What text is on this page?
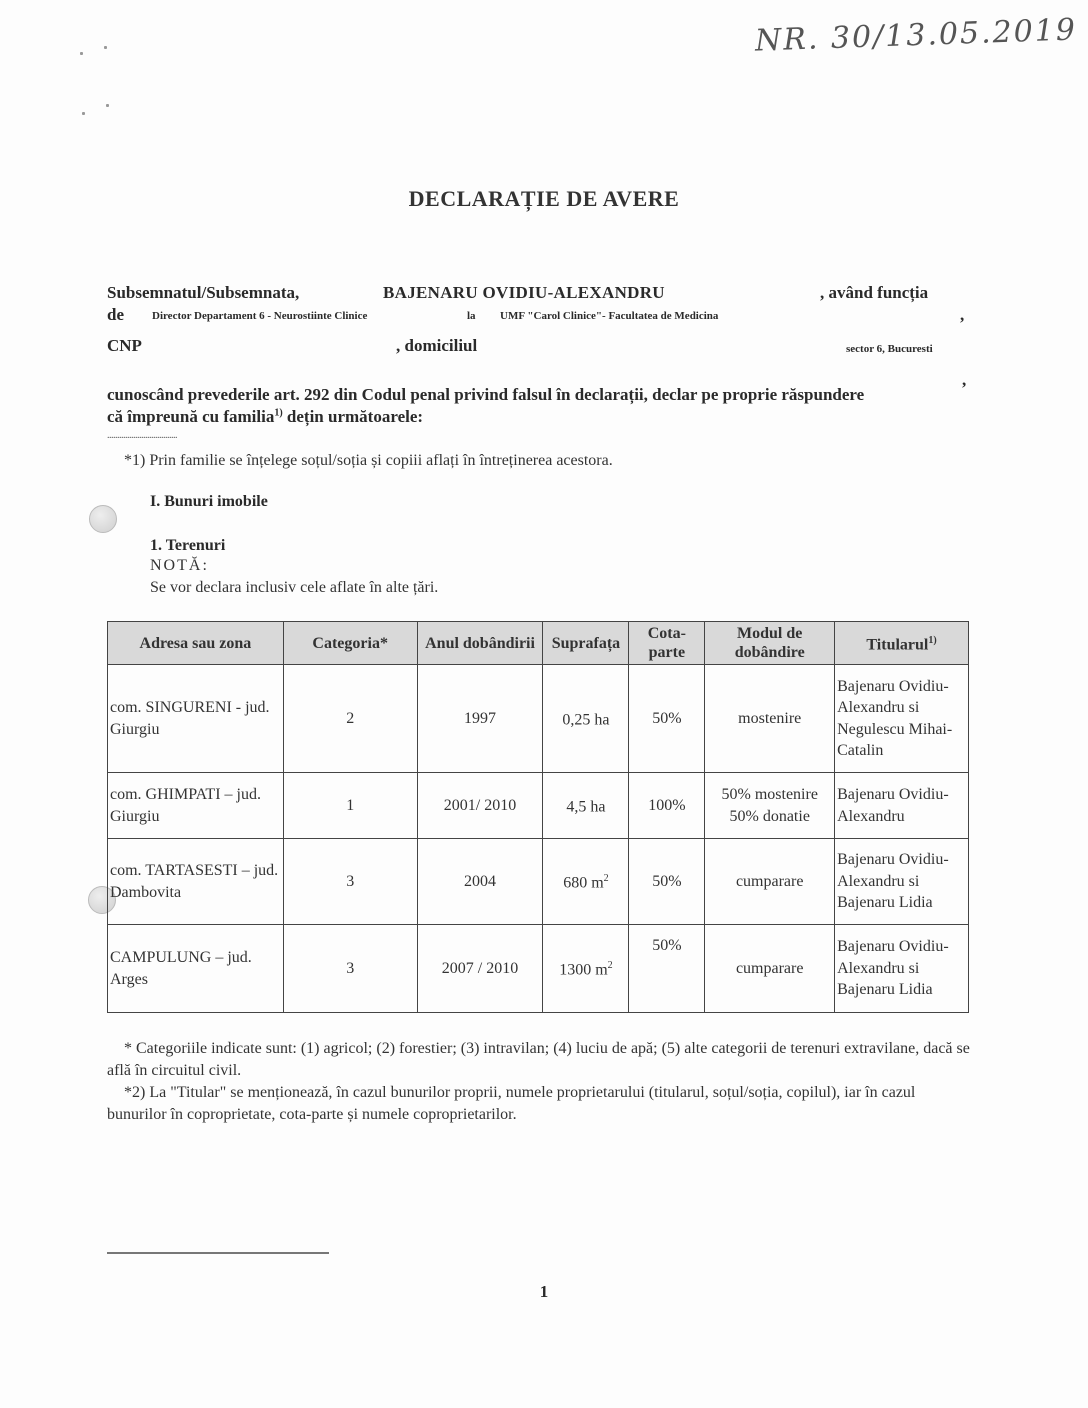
NR. 30/13.05.2019
DECLARAȚIE DE AVERE
Subsemnatul/Subsemnata,	BAJENARU OVIDIU-ALEXANDRU	, având funcția
de	Director Departament 6 - Neurostiinte Clinice	la UMF "Carol Clinice"- Facultatea de Medicina	,
CNP	, domiciliul	sector 6, Bucuresti
,
cunoscând prevederile art. 292 din Codul penal privind falsul în declarații, declar pe proprie răspundere
că împreună cu familia$^{1)}$ dețin următoarele:
...................................
*1) Prin familie se înțelege soțul/soția și copiii aflați în întreținerea acestora.
I. Bunuri imobile
1. Terenuri
NOTĂ:
Se vor declara inclusiv cele aflate în alte țări.
Adresa sau zona	Categoria*	Anul dobândirii	Suprafața	Cota-parte	Modul de dobândire	Titularul$^{1)}$
com. SINGURENI - jud. Giurgiu	2	1997	0,25 ha	50%	mostenire	Bajenaru Ovidiu-Alexandru si Negulescu Mihai-Catalin
com. GHIMPATI – jud. Giurgiu	1	2001/ 2010	4,5 ha	100%	50% mostenire 50% donatie	Bajenaru Ovidiu-Alexandru
com. TARTASESTI – jud. Dambovita	3	2004	680 $m^2$	50%	cumparare	Bajenaru Ovidiu-Alexandru si Bajenaru Lidia
CAMPULUNG – jud. Arges	3	2007 / 2010	1300 $m^2$	50%	cumparare	Bajenaru Ovidiu-Alexandru si Bajenaru Lidia
* Categoriile indicate sunt: (1) agricol; (2) forestier; (3) intravilan; (4) luciu de apă; (5) alte categorii de terenuri extravilane, dacă se află în circuitul civil.
*2) La "Titular" se menționează, în cazul bunurilor proprii, numele proprietarului (titularul, soțul/soția, copilul), iar în cazul bunurilor în coproprietate, cota-parte și numele coproprietarilor.
1
